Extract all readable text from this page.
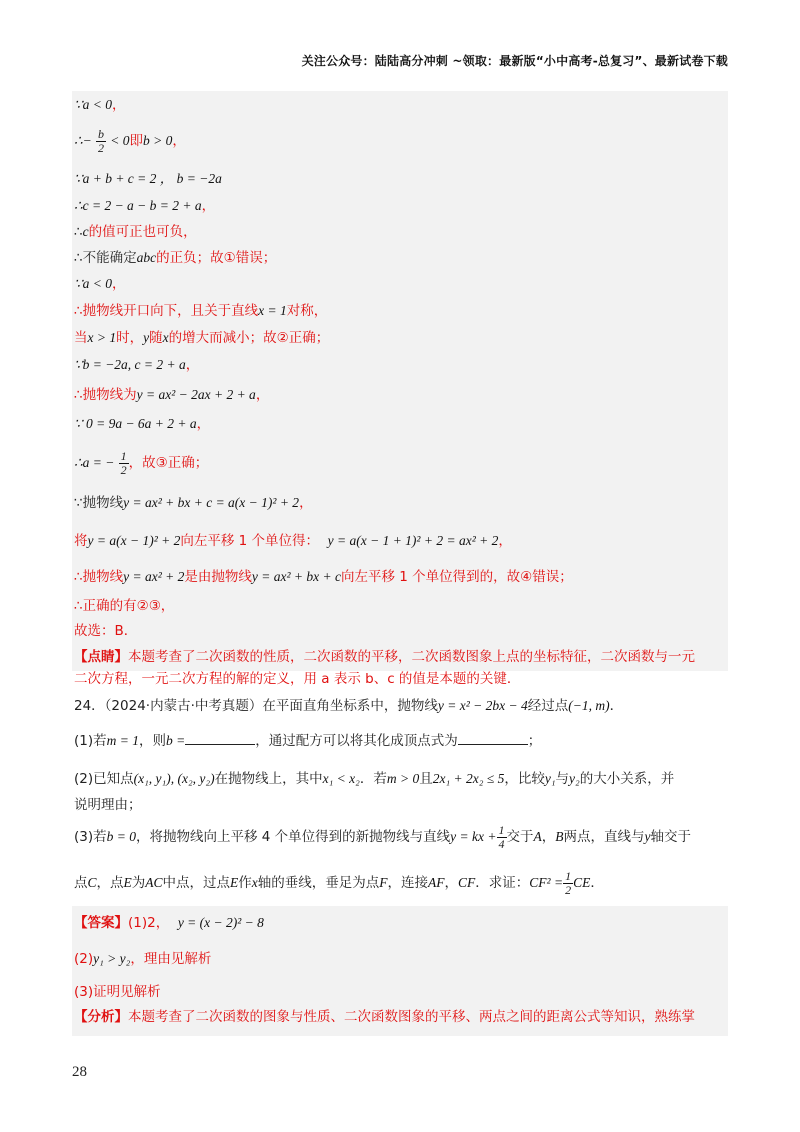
关注公众号：陆陆高分冲刺 ~领取：最新版“小中高考-总复习”、最新试卷下载
∵a < 0，
∴− $\frac{b}{2} < 0$即b > 0，
∵a + b + c = 2 ， b = −2a
∴c = 2 − a − b = 2 + a，
∴c的值可正也可负，
∴不能确定abc的正负；故①错误；
∵a < 0，
∴抛物线开口向下，且关于直线x = 1对称，
当x > 1时，y随x的增大而减小；故②正确；
∵b = −2a, c = 2 + a，
∴抛物线为y = ax² − 2ax + 2 + a，
∵ 0 = 9a − 6a + 2 + a，
∴a = − $\frac{1}{2}$ ，故③正确；
∵抛物线y = ax² + bx + c = a(x − 1)² + 2，
将y = a(x − 1)² + 2向左平移 1 个单位得： y = a(x − 1 + 1)² + 2 = ax² + 2，
∴抛物线y = ax² + 2是由抛物线y = ax² + bx + c向左平移 1 个单位得到的，故④错误；
∴正确的有②③，
故选：B．
【点睛】本题考查了二次函数的性质，二次函数的平移，二次函数图象上点的坐标特征，二次函数与一元
二次方程，一元二次方程的解的定义，用 a 表示 b、c 的值是本题的关键．
24．（2024·内蒙古·中考真题）在平面直角坐标系中，抛物线y = x² − 2bx − 4经过点(−1, m)．
(1)若m = 1，则b =	，通过配方可以将其化成顶点式为	；
(2)已知点(x₁, y₁), (x₂, y₂)在抛物线上，其中x₁ < x₂．若m > 0且2x₁ + 2x₂ ≤ 5，比较y₁与y₂的大小关系，并
说明理由；
(3)若b = 0，将抛物线向上平移 4 个单位得到的新抛物线与直线y = kx + $\frac{1}{4}$ 交于A，B两点，直线与y轴交于
点C，点E为AC中点，过点E作x轴的垂线，垂足为点F，连接AF，CF．求证：$CF^2 = \frac{1}{2}$ CE．
【答案】(1)2， y = (x − 2)² − 8
(2)y₁ > y₂，理由见解析
(3)证明见解析
【分析】本题考查了二次函数的图象与性质、二次函数图象的平移、两点之间的距离公式等知识，熟练掌
28
